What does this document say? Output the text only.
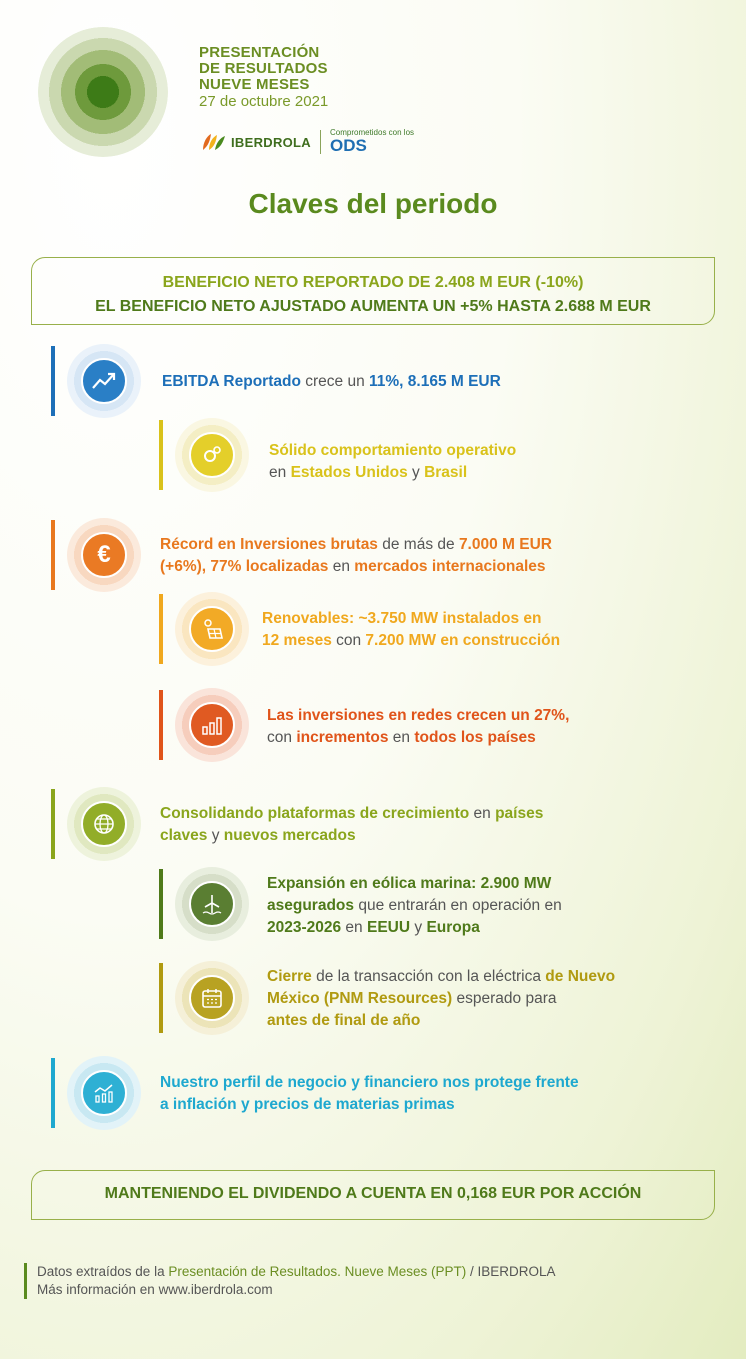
PRESENTACIÓN
DE RESULTADOS
NUEVE MESES
27 de octubre 2021
IBERDROLA
Comprometidos con los
ODS
Claves del periodo
BENEFICIO NETO REPORTADO DE 2.408 M EUR (-10%)
EL BENEFICIO NETO AJUSTADO AUMENTA UN +5% HASTA 2.688 M EUR
EBITDA Reportado crece un 11%, 8.165 M EUR
Sólido comportamiento operativo
en Estados Unidos y Brasil
€	Récord en Inversiones brutas de más de 7.000 M EUR
(+6%), 77% localizadas en mercados internacionales
Renovables: ~3.750 MW instalados en
12 meses con 7.200 MW en construcción
Las inversiones en redes crecen un 27%,
con incrementos en todos los países
Consolidando plataformas de crecimiento en países
claves y nuevos mercados
Expansión en eólica marina: 2.900 MW
asegurados que entrarán en operación en
2023-2026 en EEUU y Europa
Cierre de la transacción con la eléctrica de Nuevo
México (PNM Resources) esperado para
antes de final de año
Nuestro perfil de negocio y financiero nos protege frente
a inflación y precios de materias primas
MANTENIENDO EL DIVIDENDO A CUENTA EN 0,168 EUR POR ACCIÓN
Datos extraídos de la Presentación de Resultados. Nueve Meses (PPT) / IBERDROLA
Más información en www.iberdrola.com
